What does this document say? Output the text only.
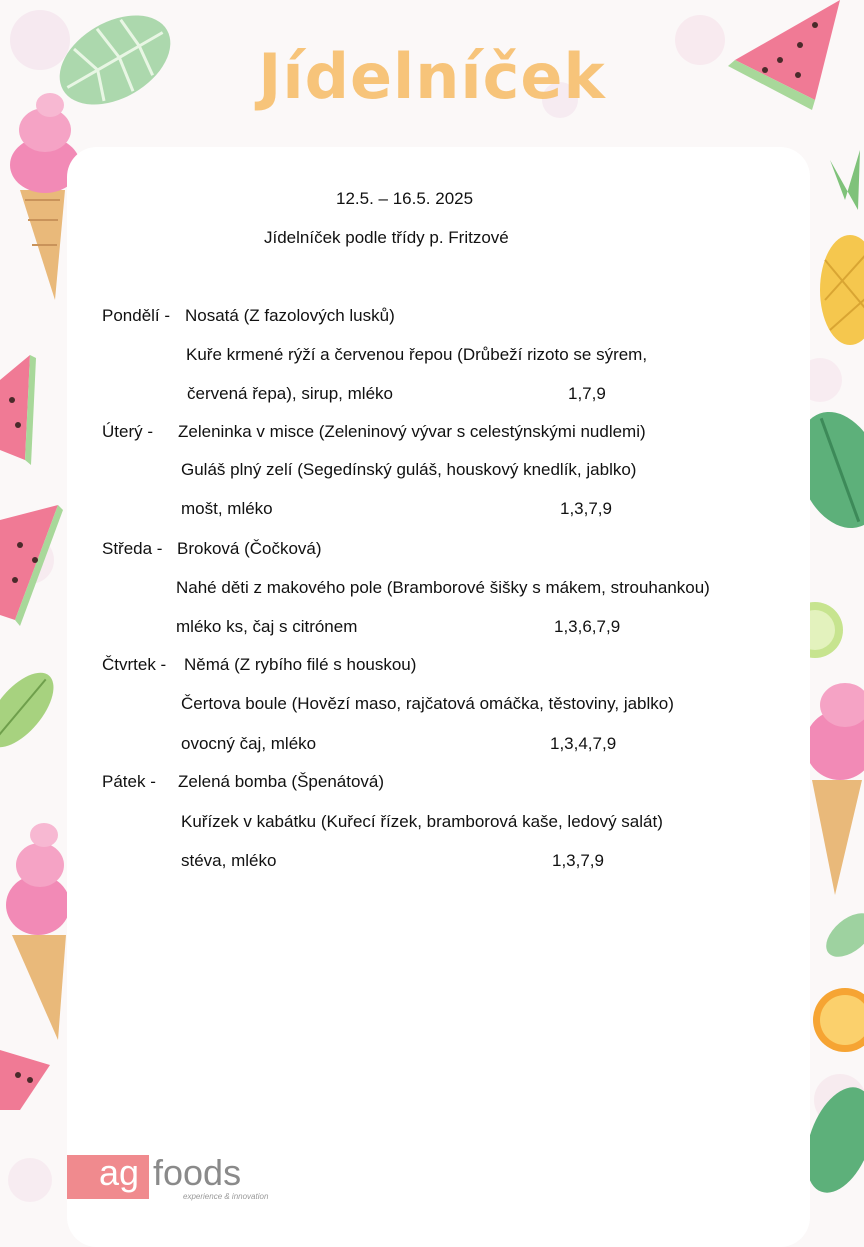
Jídelníček
12.5. – 16.5. 2025
Jídelníček podle třídy p. Fritzové
Pondělí - Nosatá (Z fazolových lusků)
Kuře krmené rýží a červenou řepou (Drůbeží rizoto se sýrem,
červená řepa), sirup, mléko	1,7,9
Úterý - Zeleninka v misce (Zeleninový vývar s celestýnskými nudlemi)
Guláš plný zelí (Segedínský guláš, houskový knedlík, jablko)
mošt, mléko	1,3,7,9
Středa - Broková (Čočková)
Nahé děti z makového pole (Bramborové šišky s mákem, strouhankou)
mléko ks, čaj s citrónem	1,3,6,7,9
Čtvrtek - Němá (Z rybího filé s houskou)
Čertova boule (Hovězí maso, rajčatová omáčka, těstoviny, jablko)
ovocný čaj, mléko	1,3,4,7,9
Pátek - Zelená bomba (Špenátová)
Kuřízek v kabátku (Kuřecí řízek, bramborová kaše, ledový salát)
stéva, mléko	1,3,7,9
ag foods
experience & innovation
